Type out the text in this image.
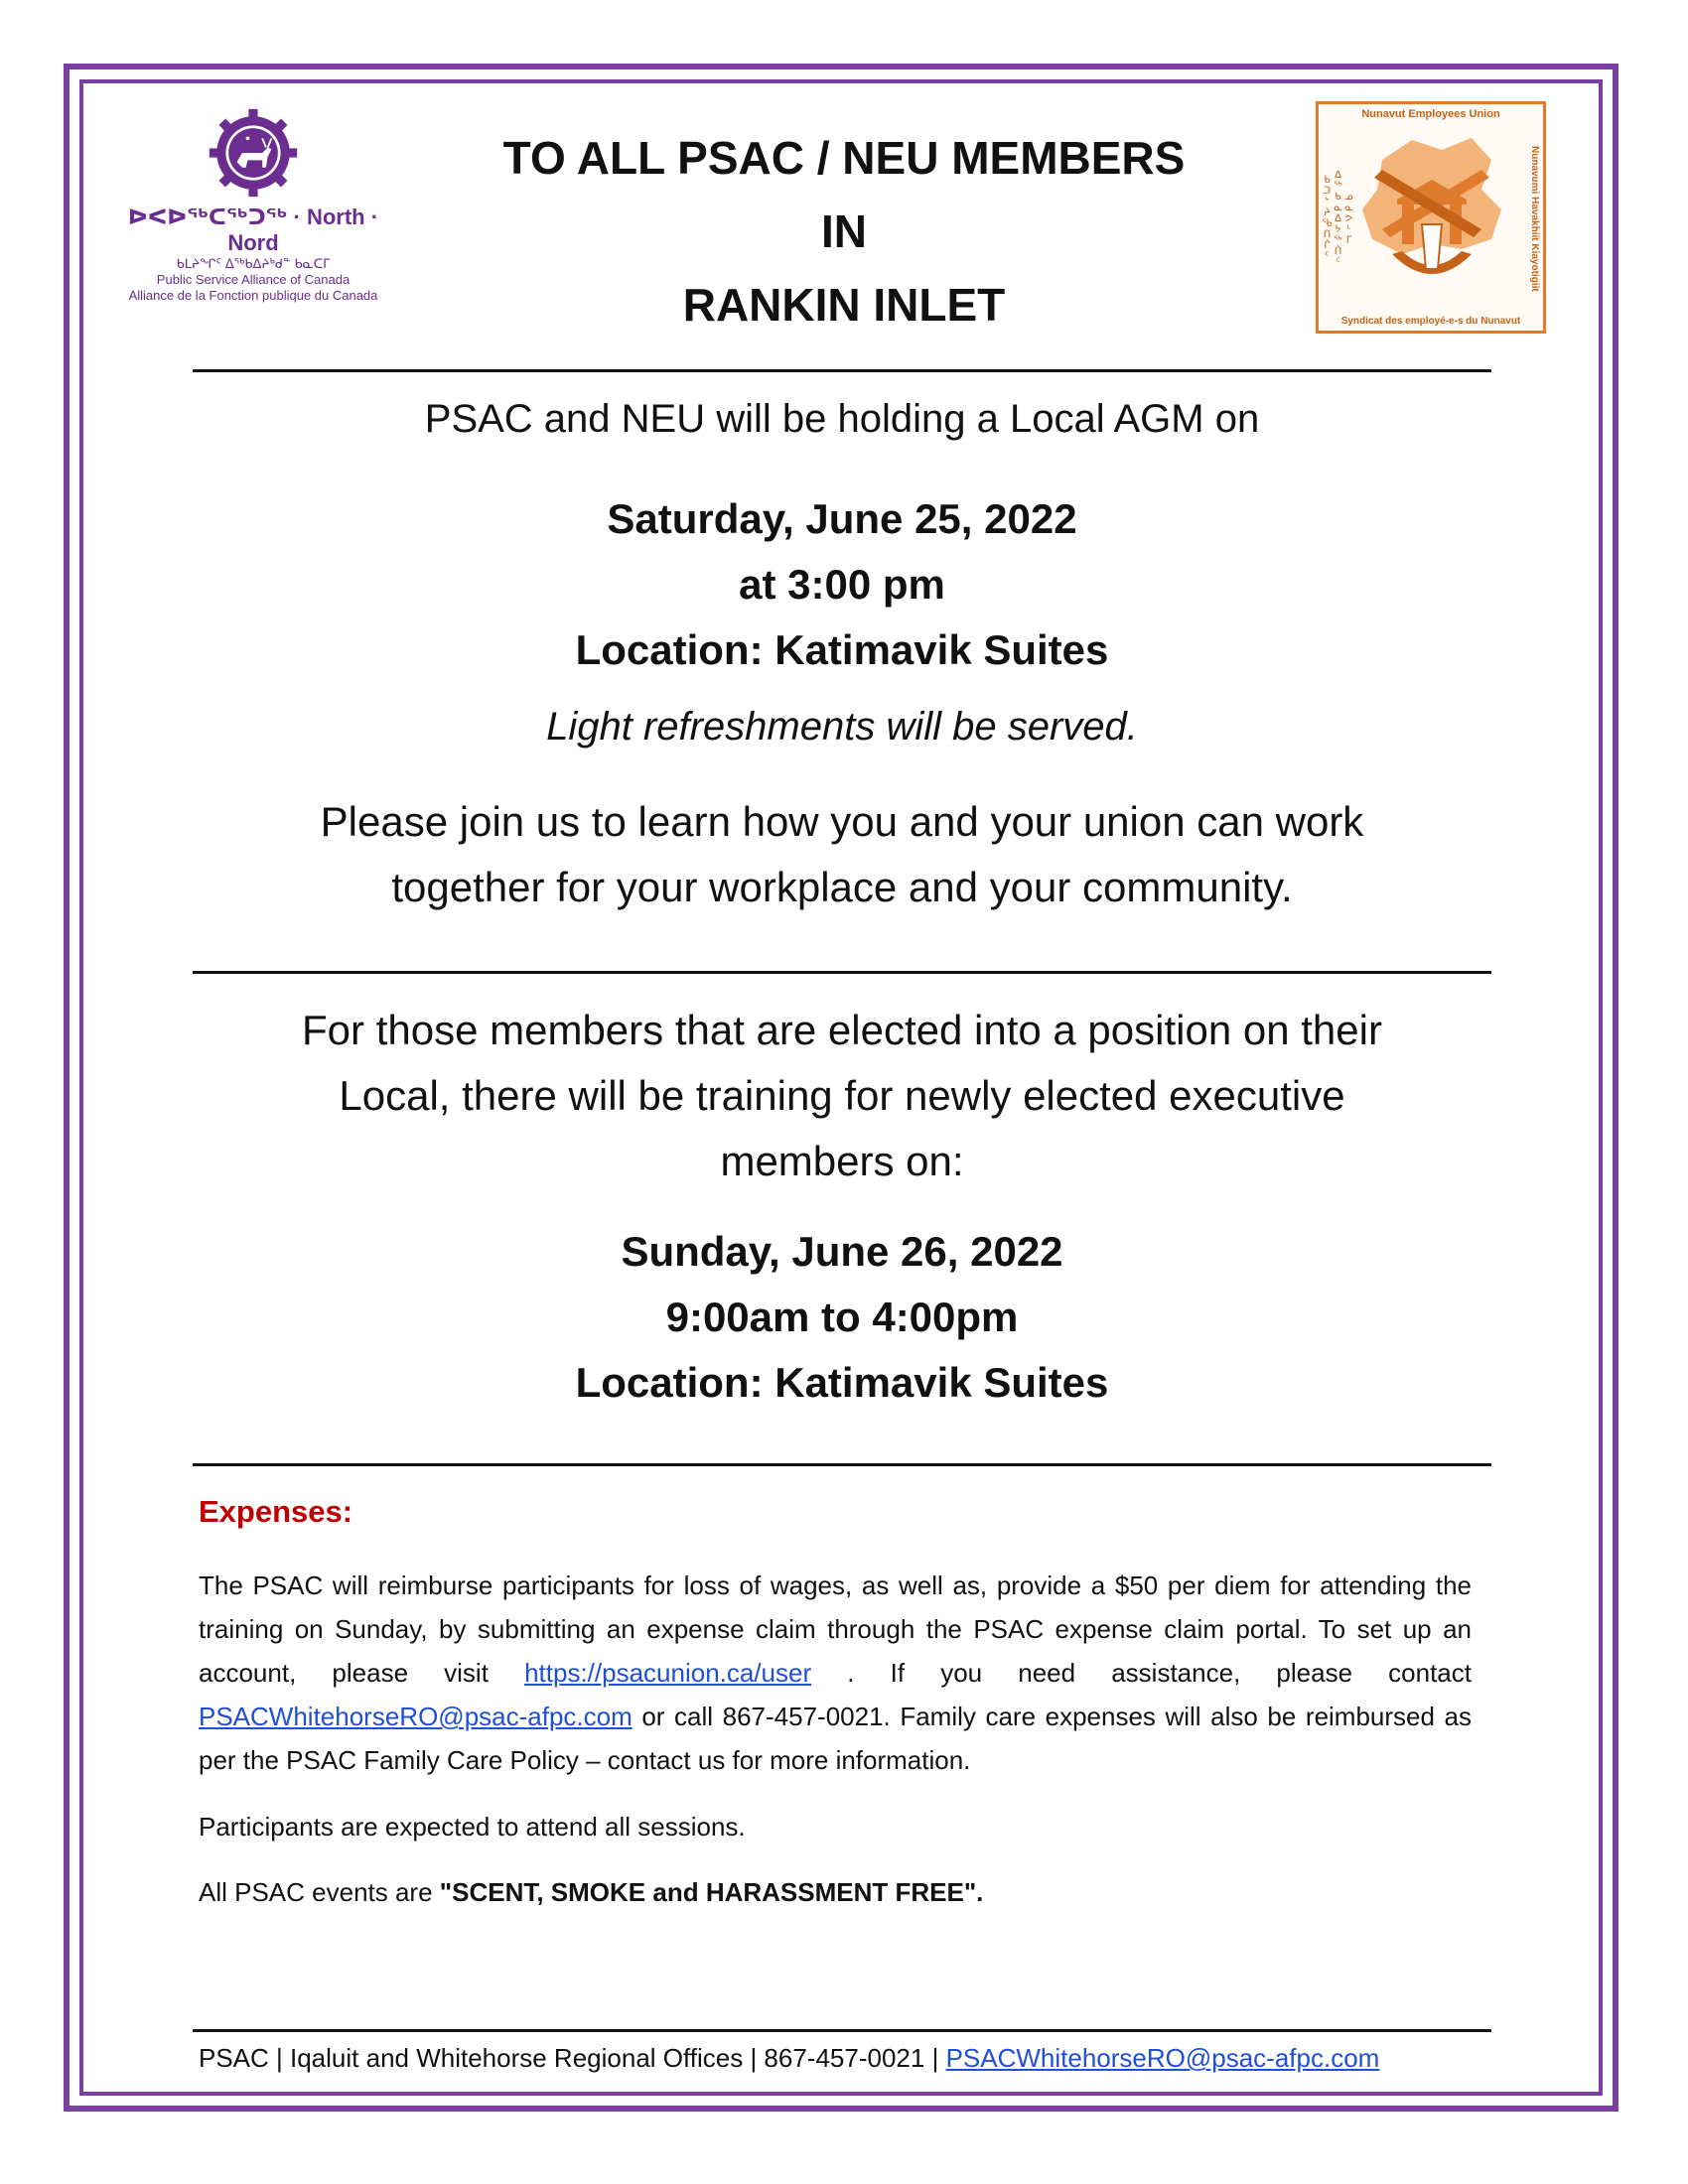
ᐅᐸᐅᖅᑕᖅᑐᖅ · North · Nord
ᑲᒪᔨᖏᑦ ᐃᖅᑲᐃᔨᒃᑯᓐ ᑲᓇᑕᒥ
Public Service Alliance of Canada
Alliance de la Fonction publique du Canada
Nunavut Employees Union
Nunavumi Havakhiit Kiayotigiit
ᓄᓇᕗᒻᒥ ᐃᖅᑲᓇᐃᔭᖅᑏᑦ ᑲᑐᔾᔨᖃᑎᒌᑦ
Syndicat des employé-e-s du Nunavut
TO ALL PSAC / NEU MEMBERS
IN
RANKIN INLET
PSAC and NEU will be holding a Local AGM on
Saturday, June 25, 2022
at 3:00 pm
Location: Katimavik Suites
Light refreshments will be served.
Please join us to learn how you and your union can work
together for your workplace and your community.
For those members that are elected into a position on their
Local, there will be training for newly elected executive
members on:
Sunday, June 26, 2022
9:00am to 4:00pm
Location: Katimavik Suites
Expenses:
The PSAC will reimburse participants for loss of wages, as well as, provide a $50 per diem for attending the training on Sunday, by submitting an expense claim through the PSAC expense claim portal. To set up an account, please visit https://psacunion.ca/user . If you need assistance, please contact PSACWhitehorseRO@psac-afpc.com or call 867-457-0021. Family care expenses will also be reimbursed as per the PSAC Family Care Policy – contact us for more information.
Participants are expected to attend all sessions.
All PSAC events are "SCENT, SMOKE and HARASSMENT FREE".
PSAC | Iqaluit and Whitehorse Regional Offices | 867-457-0021 | PSACWhitehorseRO@psac-afpc.com
